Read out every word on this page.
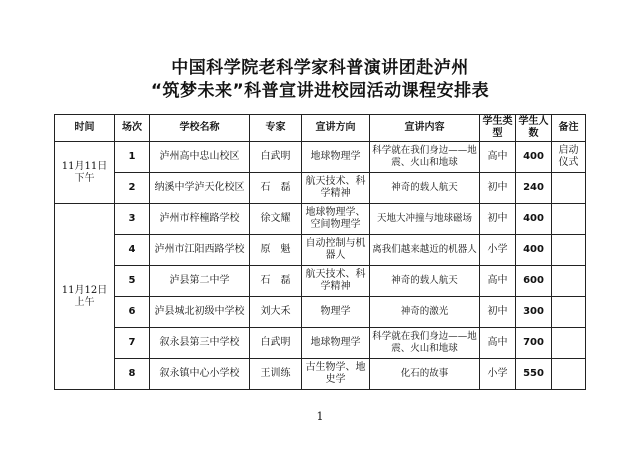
中国科学院老科学家科普演讲团赴泸州
“筑梦未来”科普宣讲进校园活动课程安排表
时间	场次	学校名称	专家	宣讲方向	宣讲内容	学生类型	学生人数	备注
11月11日下午	1	泸州高中忠山校区	白武明	地球物理学	科学就在我们身边——地震、火山和地球	高中	400	启动仪式
	2	纳溪中学泸天化校区	石　磊	航天技术、科学精神	神奇的载人航天	初中	240	
11月12日上午	3	泸州市梓橦路学校	徐文耀	地球物理学、空间物理学	天地大冲撞与地球磁场	初中	400	
	4	泸州市江阳西路学校	原　魁	自动控制与机器人	离我们越来越近的机器人	小学	400	
	5	泸县第二中学	石　磊	航天技术、科学精神	神奇的载人航天	高中	600	
	6	泸县城北初级中学校	刘大禾	物理学	神奇的激光	初中	300	
	7	叙永县第三中学校	白武明	地球物理学	科学就在我们身边——地震、火山和地球	高中	700	
	8	叙永镇中心小学校	王训练	古生物学、地史学	化石的故事	小学	550	
1
